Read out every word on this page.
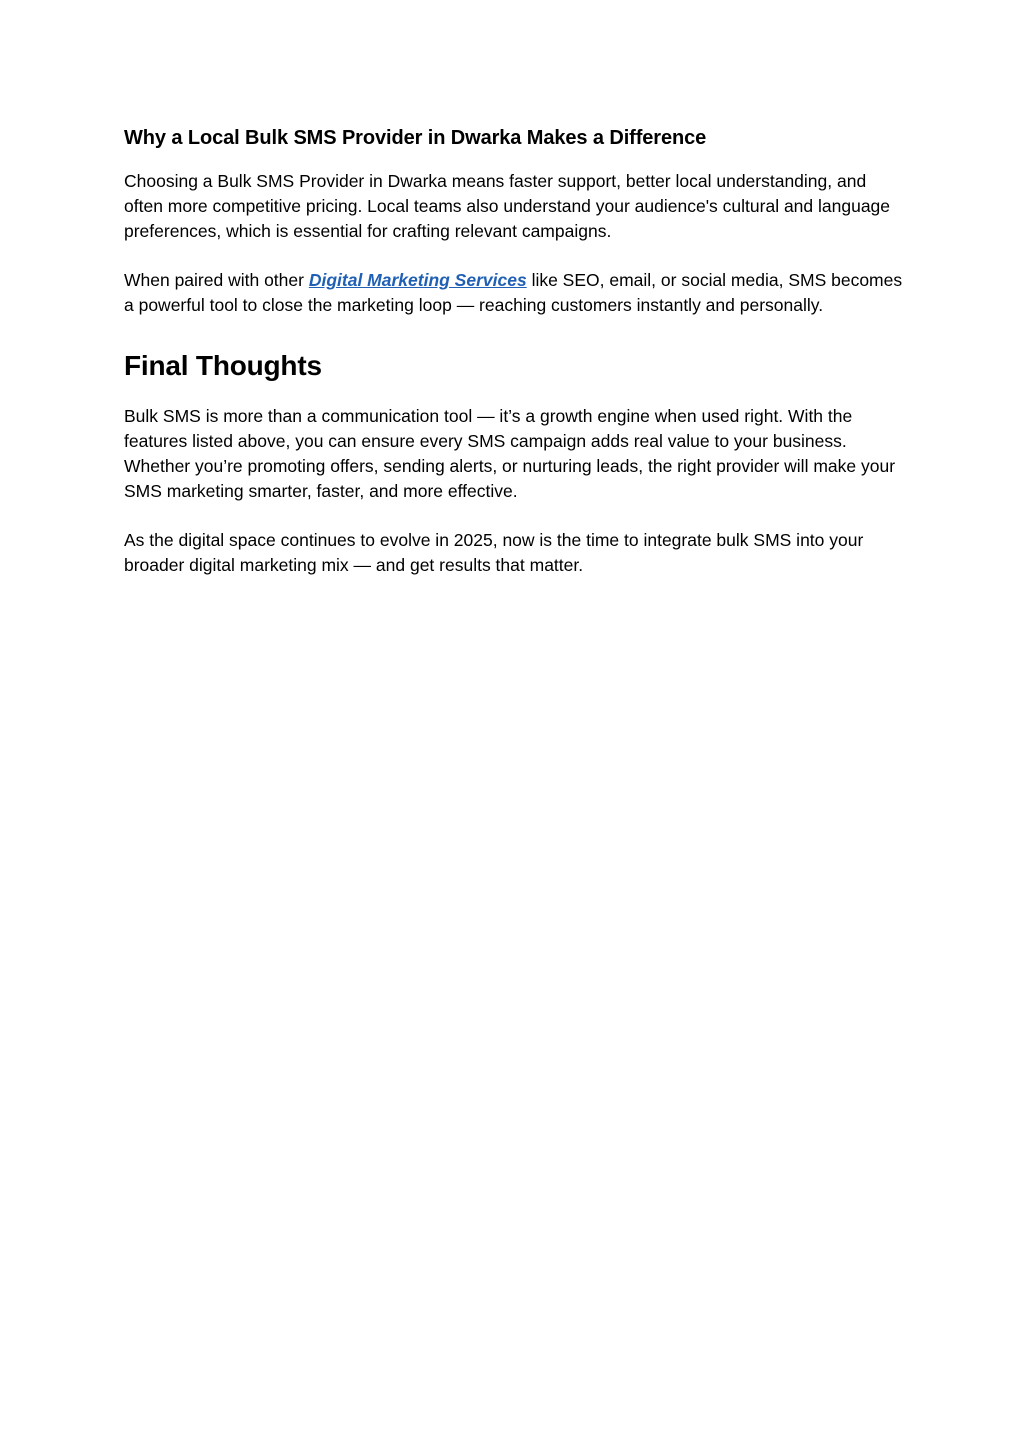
Why a Local Bulk SMS Provider in Dwarka Makes a Difference

Choosing a Bulk SMS Provider in Dwarka means faster support, better local understanding, and often more competitive pricing. Local teams also understand your audience's cultural and language preferences, which is essential for crafting relevant campaigns.

When paired with other Digital Marketing Services like SEO, email, or social media, SMS becomes a powerful tool to close the marketing loop — reaching customers instantly and personally.

Final Thoughts

Bulk SMS is more than a communication tool — it’s a growth engine when used right. With the features listed above, you can ensure every SMS campaign adds real value to your business. Whether you’re promoting offers, sending alerts, or nurturing leads, the right provider will make your SMS marketing smarter, faster, and more effective.

As the digital space continues to evolve in 2025, now is the time to integrate bulk SMS into your broader digital marketing mix — and get results that matter.
